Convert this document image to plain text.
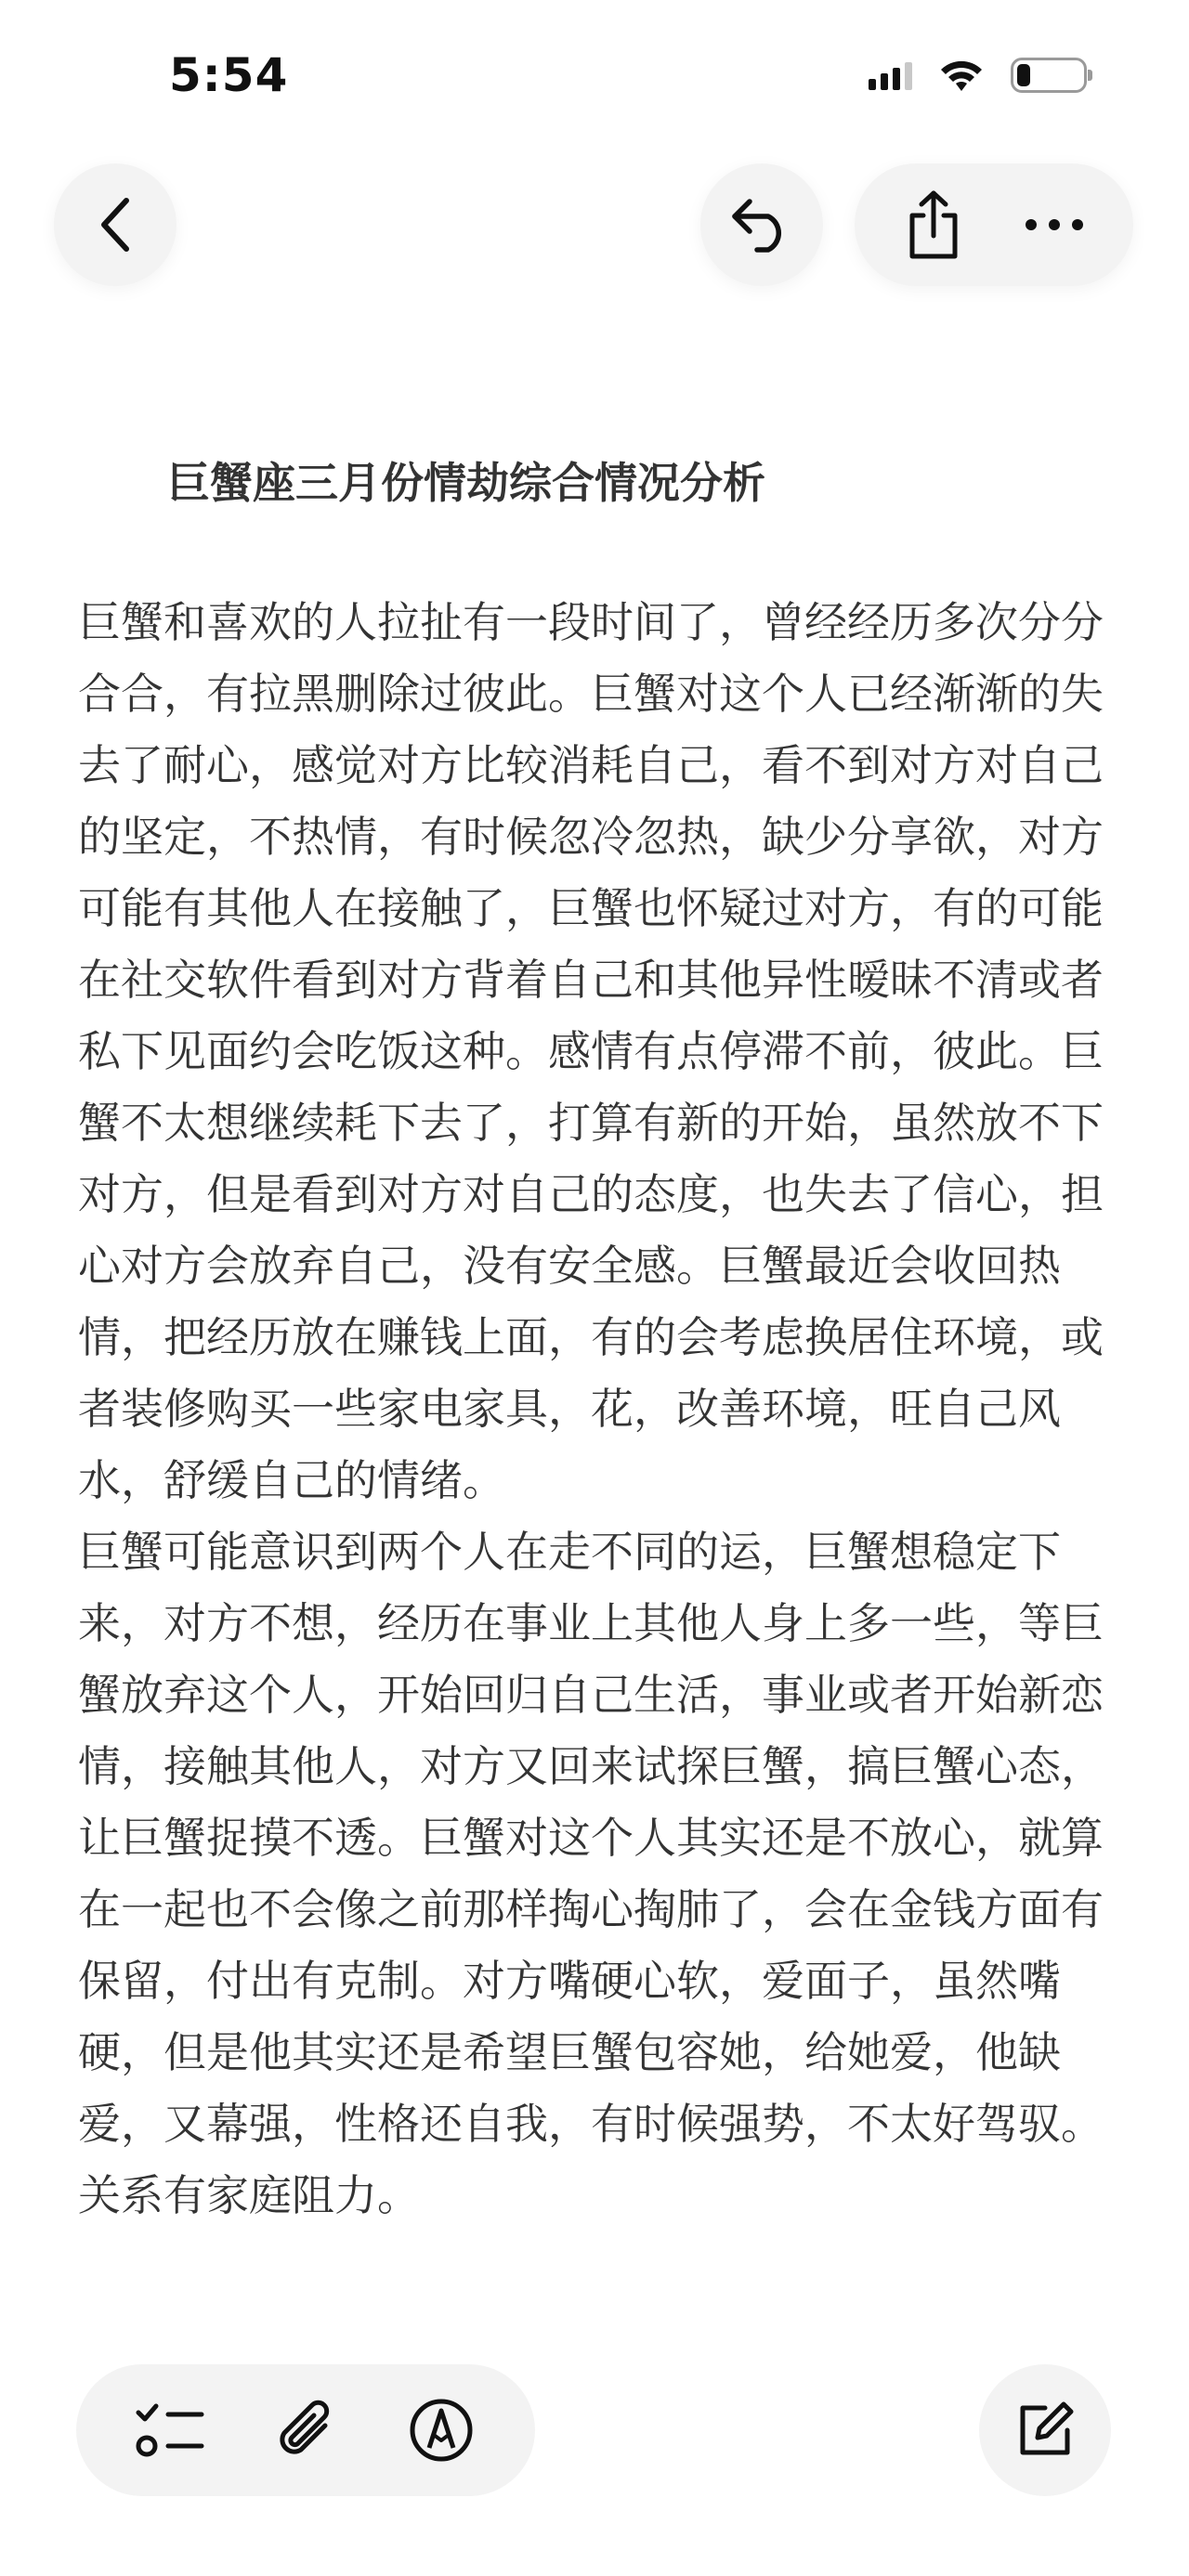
5:54
巨蟹座三月份情劫综合情况分析

巨蟹和喜欢的人拉扯有一段时间了，曾经经历多次分分合合，有拉黑删除过彼此。巨蟹对这个人已经渐渐的失去了耐心，感觉对方比较消耗自己，看不到对方对自己的坚定，不热情，有时候忽冷忽热，缺少分享欲，对方可能有其他人在接触了，巨蟹也怀疑过对方，有的可能在社交软件看到对方背着自己和其他异性暧昧不清或者私下见面约会吃饭这种。感情有点停滞不前，彼此。巨蟹不太想继续耗下去了，打算有新的开始，虽然放不下对方，但是看到对方对自己的态度，也失去了信心，担心对方会放弃自己，没有安全感。巨蟹最近会收回热情，把经历放在赚钱上面，有的会考虑换居住环境，或者装修购买一些家电家具，花，改善环境，旺自己风水，舒缓自己的情绪。

巨蟹可能意识到两个人在走不同的运，巨蟹想稳定下来，对方不想，经历在事业上其他人身上多一些，等巨蟹放弃这个人，开始回归自己生活，事业或者开始新恋情，接触其他人，对方又回来试探巨蟹，搞巨蟹心态，让巨蟹捉摸不透。巨蟹对这个人其实还是不放心，就算在一起也不会像之前那样掏心掏肺了，会在金钱方面有保留，付出有克制。对方嘴硬心软，爱面子，虽然嘴硬，但是他其实还是希望巨蟹包容她，给她爱，他缺爱，又幕强，性格还自我，有时候强势，不太好驾驭。关系有家庭阻力。
